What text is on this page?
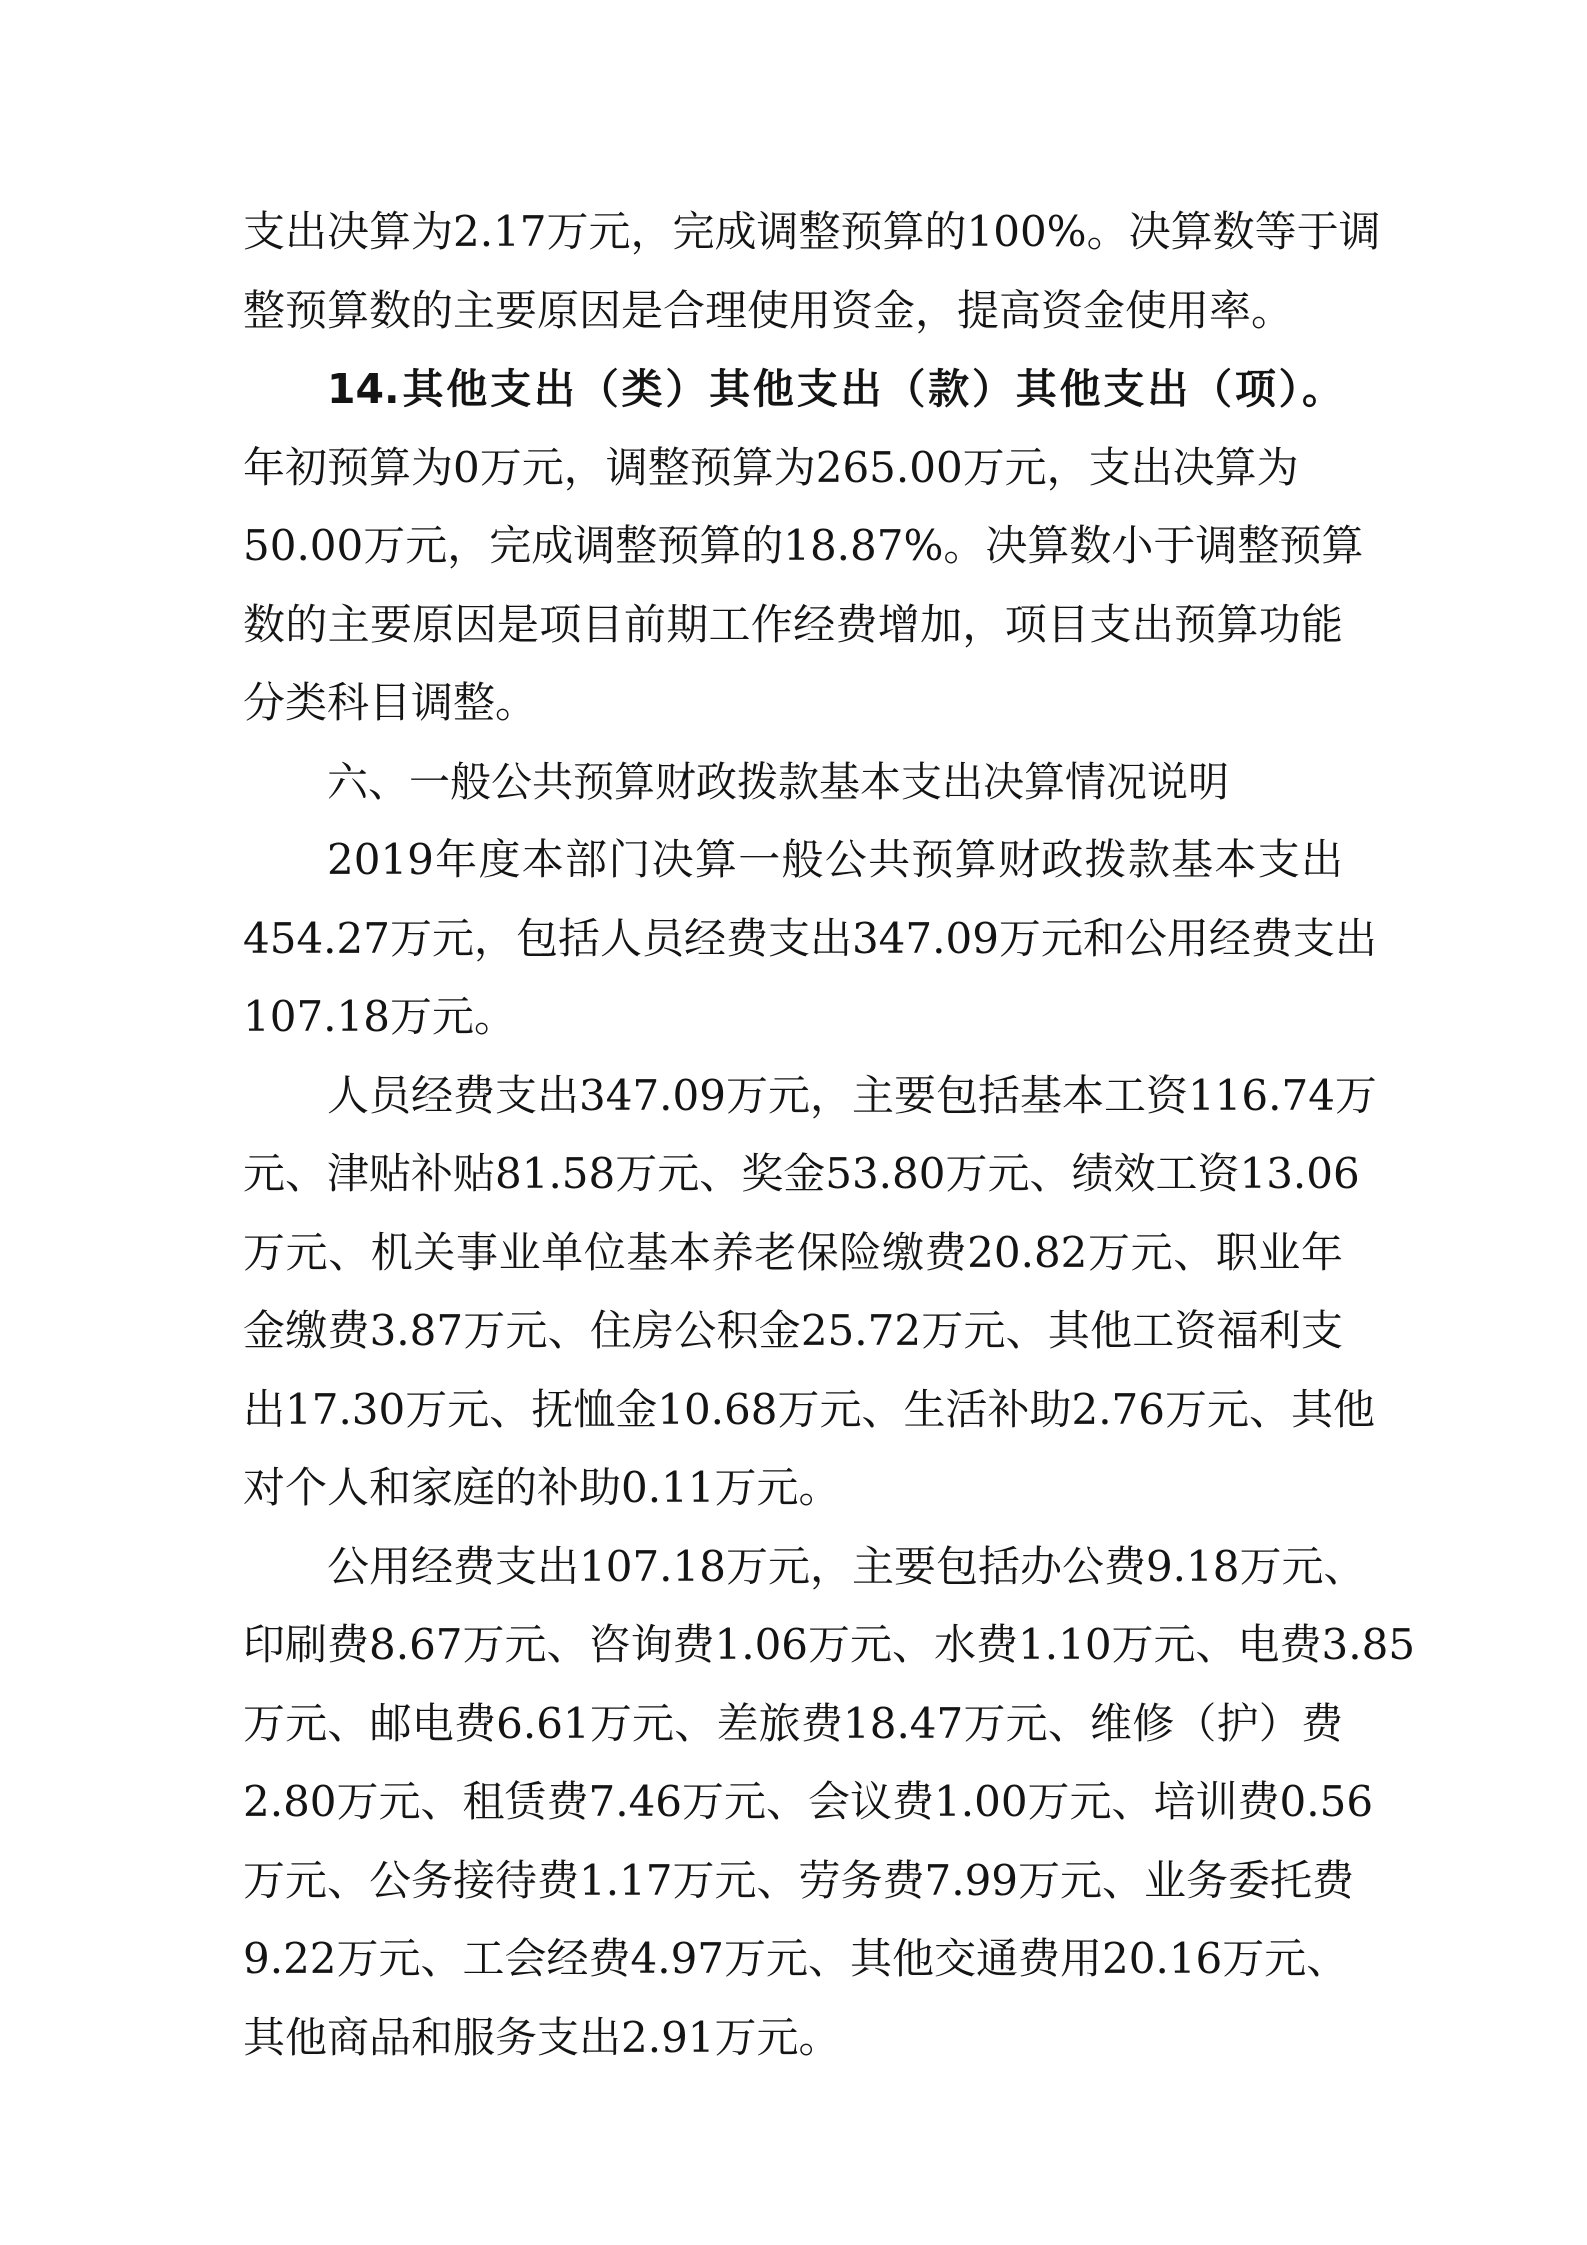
支出决算为2.17万元，完成调整预算的100%。决算数等于调
整预算数的主要原因是合理使用资金，提高资金使用率。
14.其他支出（类）其他支出（款）其他支出（项）。
年初预算为0万元，调整预算为265.00万元，支出决算为
50.00万元，完成调整预算的18.87%。决算数小于调整预算
数的主要原因是项目前期工作经费增加，项目支出预算功能
分类科目调整。
六、一般公共预算财政拨款基本支出决算情况说明
2019年度本部门决算一般公共预算财政拨款基本支出
454.27万元，包括人员经费支出347.09万元和公用经费支出
107.18万元。
人员经费支出347.09万元，主要包括基本工资116.74万
元、津贴补贴81.58万元、奖金53.80万元、绩效工资13.06
万元、机关事业单位基本养老保险缴费20.82万元、职业年
金缴费3.87万元、住房公积金25.72万元、其他工资福利支
出17.30万元、抚恤金10.68万元、生活补助2.76万元、其他
对个人和家庭的补助0.11万元。
公用经费支出107.18万元，主要包括办公费9.18万元、
印刷费8.67万元、咨询费1.06万元、水费1.10万元、电费3.85
万元、邮电费6.61万元、差旅费18.47万元、维修（护）费
2.80万元、租赁费7.46万元、会议费1.00万元、培训费0.56
万元、公务接待费1.17万元、劳务费7.99万元、业务委托费
9.22万元、工会经费4.97万元、其他交通费用20.16万元、
其他商品和服务支出2.91万元。
